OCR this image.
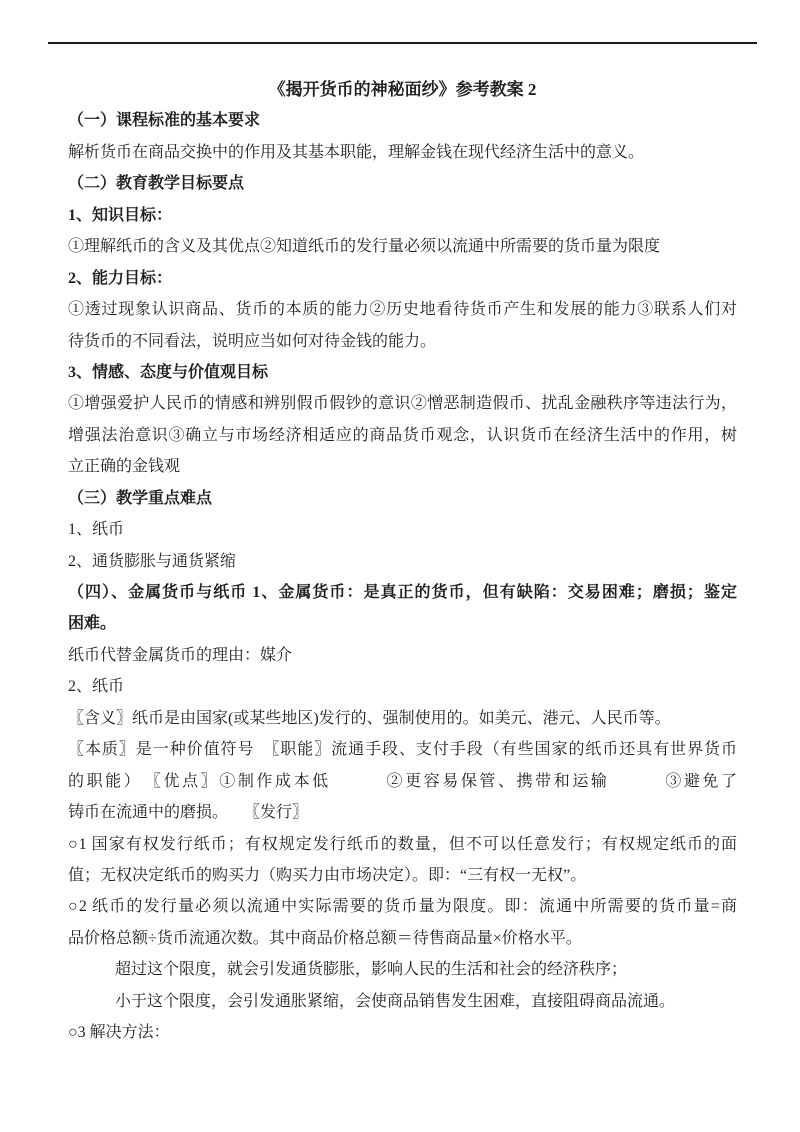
《揭开货币的神秘面纱》参考教案 2
（一）课程标准的基本要求
解析货币在商品交换中的作用及其基本职能，理解金钱在现代经济生活中的意义。
（二）教育教学目标要点
1、知识目标：
①理解纸币的含义及其优点②知道纸币的发行量必须以流通中所需要的货币量为限度
2、能力目标：
①透过现象认识商品、货币的本质的能力②历史地看待货币产生和发展的能力③联系人们对
待货币的不同看法，说明应当如何对待金钱的能力。
3、情感、态度与价值观目标
①增强爱护人民币的情感和辨别假币假钞的意识②憎恶制造假币、扰乱金融秩序等违法行为，
增强法治意识③确立与市场经济相适应的商品货币观念，认识货币在经济生活中的作用，树
立正确的金钱观
（三）教学重点难点
1、纸币
2、通货膨胀与通货紧缩
（四）、金属货币与纸币 1、金属货币：是真正的货币，但有缺陷：交易困难；磨损；鉴定
困难。
纸币代替金属货币的理由：媒介
2、纸币
〖含义〗纸币是由国家(或某些地区)发行的、强制使用的。如美元、港元、人民币等。
〖本质〗是一种价值符号　〖职能〗流通手段、支付手段（有些国家的纸币还具有世界货币
的职能）　〖优点〗①制作成本低　　　②更容易保管、携带和运输　　　③避免了
铸币在流通中的磨损。　　〖发行〗
○1 国家有权发行纸币；有权规定发行纸币的数量，但不可以任意发行；有权规定纸币的面
值；无权决定纸币的购买力（购买力由市场决定）。即：“三有权一无权”。
○2 纸币的发行量必须以流通中实际需要的货币量为限度。即：流通中所需要的货币量=商
品价格总额÷货币流通次数。其中商品价格总额＝待售商品量×价格水平。
超过这个限度，就会引发通货膨胀，影响人民的生活和社会的经济秩序；
小于这个限度，会引发通胀紧缩，会使商品销售发生困难，直接阻碍商品流通。
○3 解决方法：
